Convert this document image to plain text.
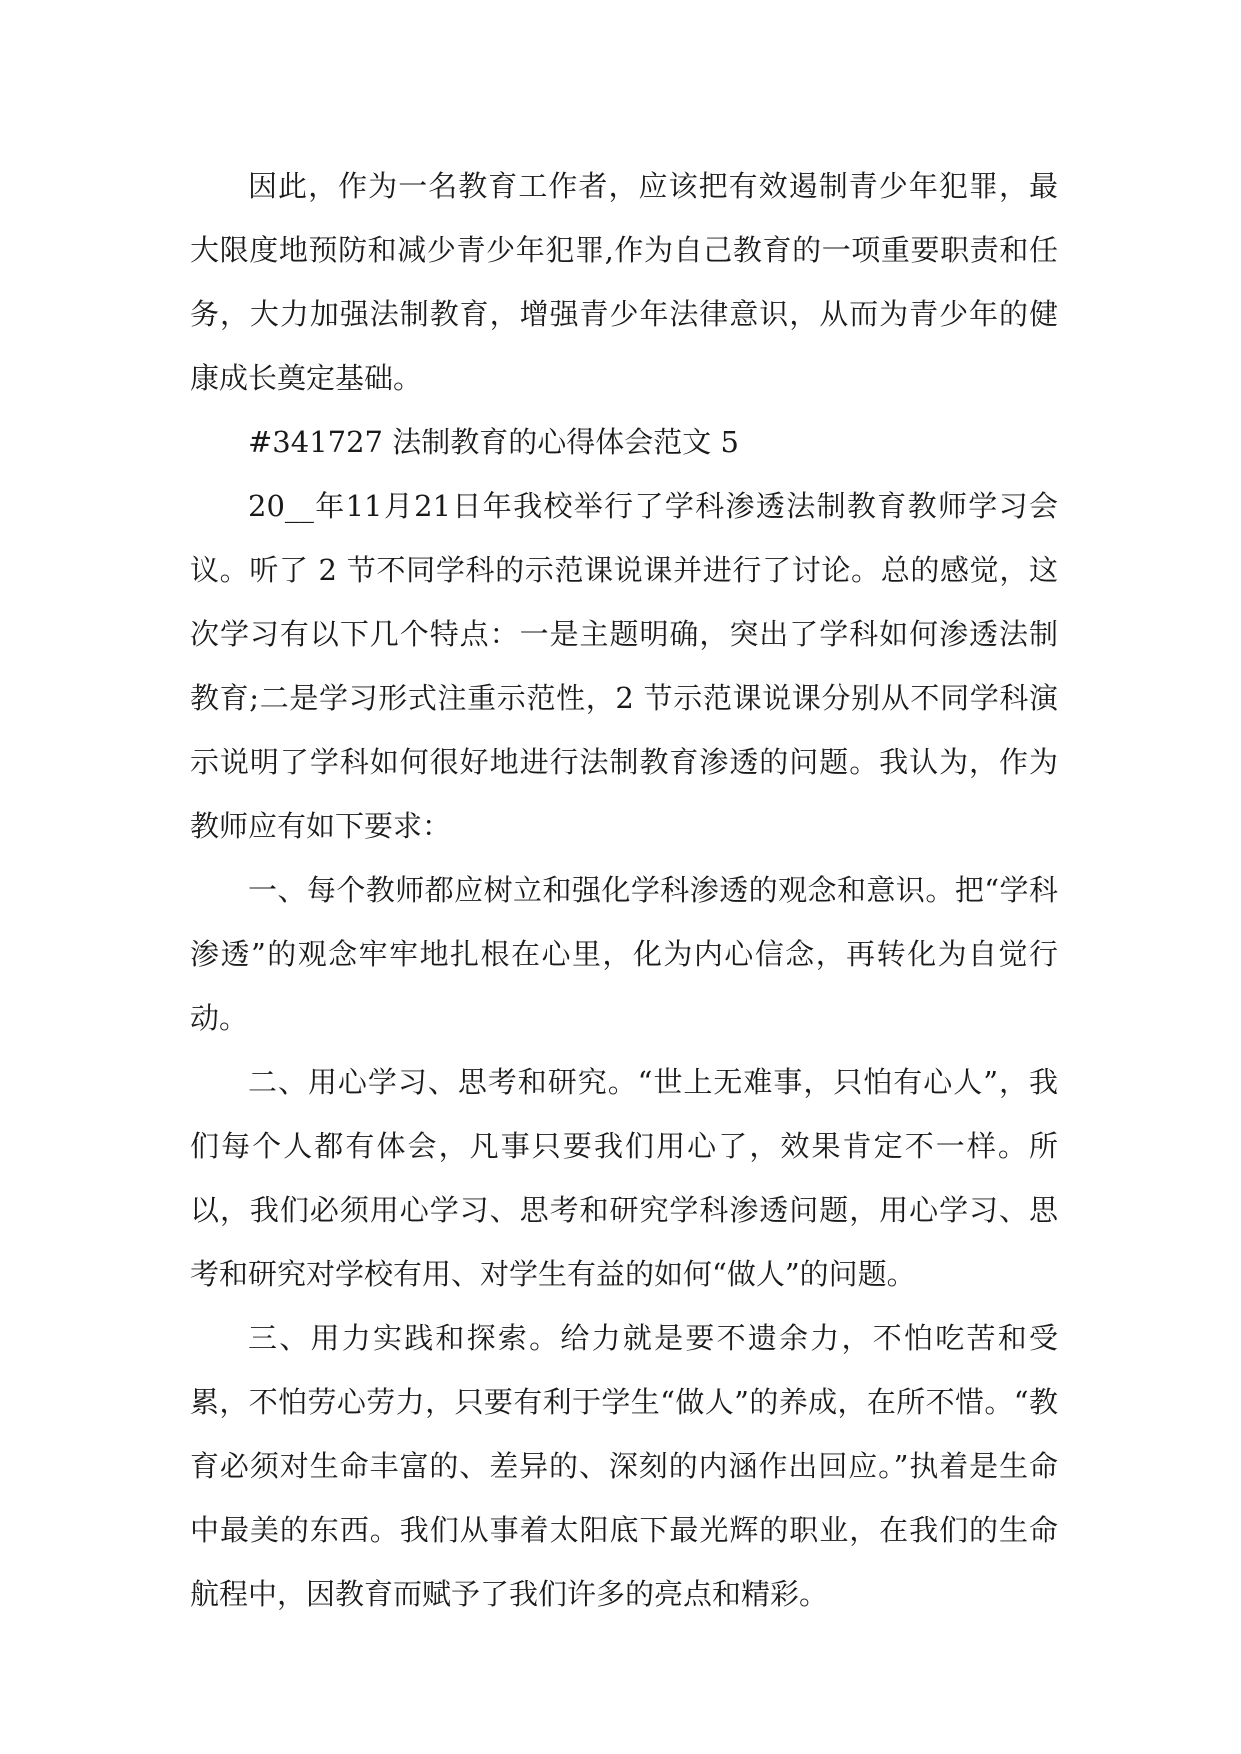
因此，作为一名教育工作者，应该把有效遏制青少年犯罪，最大限度地预防和减少青少年犯罪,作为自己教育的一项重要职责和任务，大力加强法制教育，增强青少年法律意识，从而为青少年的健康成长奠定基础。

#341727 法制教育的心得体会范文 5

20__年11月21日年我校举行了学科渗透法制教育教师学习会议。听了 2 节不同学科的示范课说课并进行了讨论。总的感觉，这次学习有以下几个特点：一是主题明确，突出了学科如何渗透法制教育;二是学习形式注重示范性，2 节示范课说课分别从不同学科演示说明了学科如何很好地进行法制教育渗透的问题。我认为，作为教师应有如下要求：

一、每个教师都应树立和强化学科渗透的观念和意识。把“学科渗透”的观念牢牢地扎根在心里，化为内心信念，再转化为自觉行动。

二、用心学习、思考和研究。“世上无难事，只怕有心人”，我们每个人都有体会，凡事只要我们用心了，效果肯定不一样。所以，我们必须用心学习、思考和研究学科渗透问题，用心学习、思考和研究对学校有用、对学生有益的如何“做人”的问题。

三、用力实践和探索。给力就是要不遗余力，不怕吃苦和受累，不怕劳心劳力，只要有利于学生“做人”的养成，在所不惜。“教育必须对生命丰富的、差异的、深刻的内涵作出回应。”执着是生命中最美的东西。我们从事着太阳底下最光辉的职业，在我们的生命航程中，因教育而赋予了我们许多的亮点和精彩。
